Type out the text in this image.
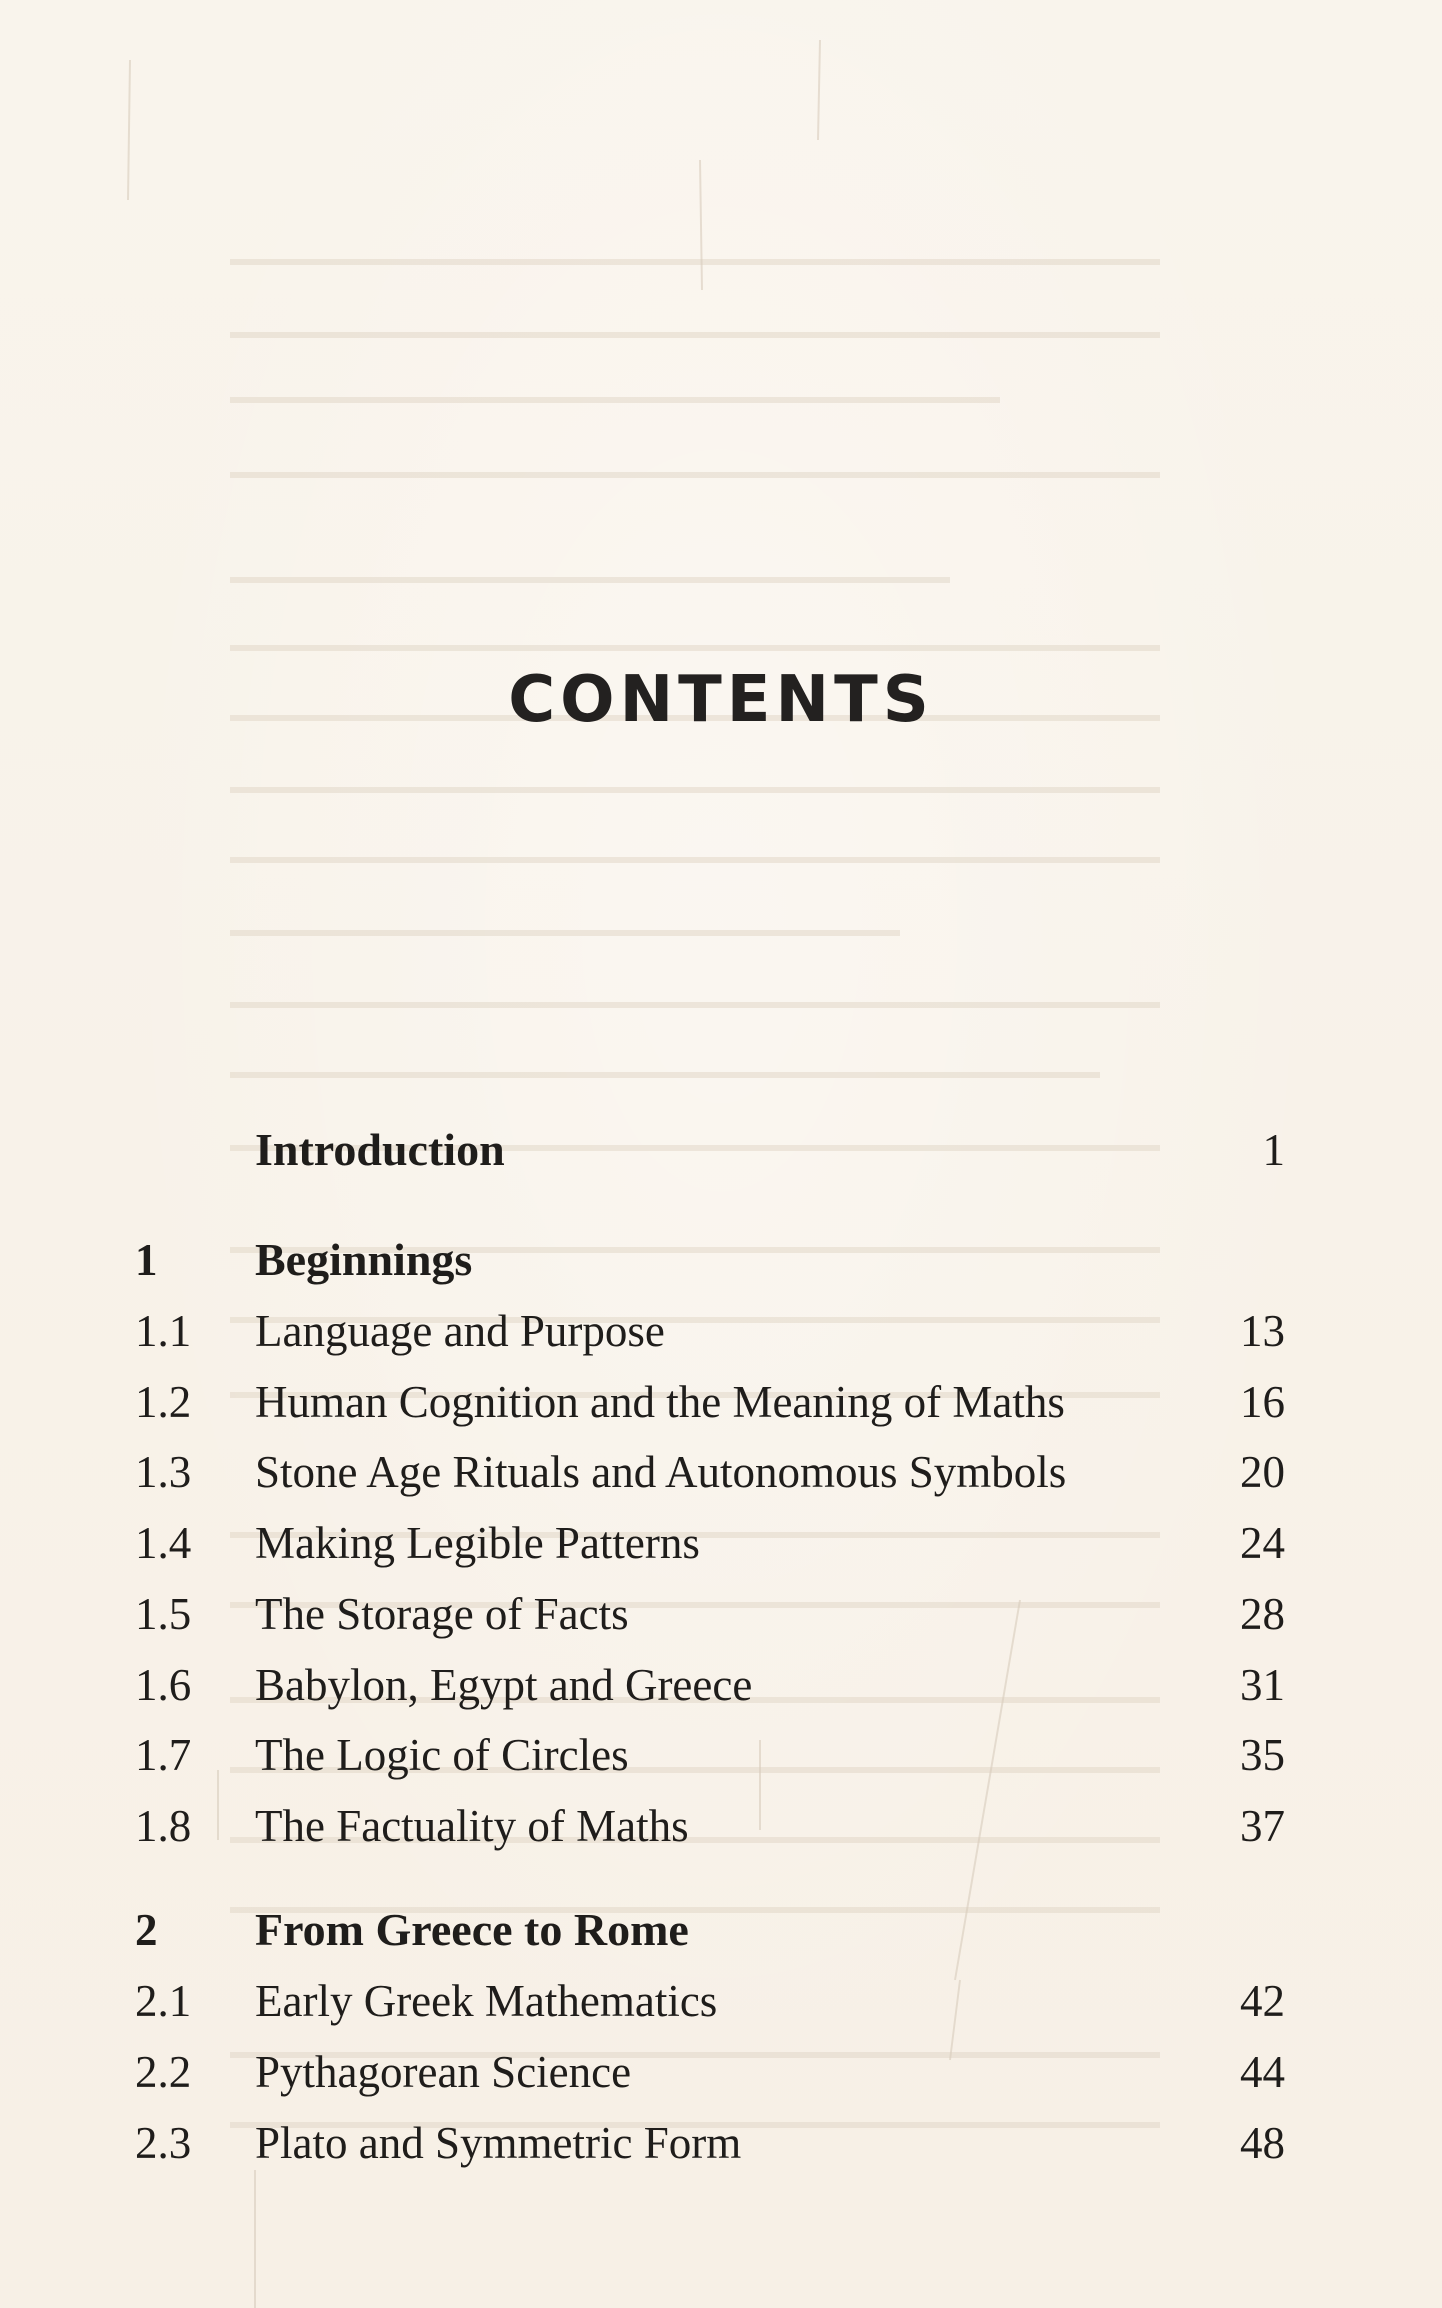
CONTENTS
Introduction	1
1 Beginnings
1.1 Language and Purpose	13
1.2 Human Cognition and the Meaning of Maths	16
1.3 Stone Age Rituals and Autonomous Symbols	20
1.4 Making Legible Patterns	24
1.5 The Storage of Facts	28
1.6 Babylon, Egypt and Greece	31
1.7 The Logic of Circles	35
1.8 The Factuality of Maths	37
2 From Greece to Rome
2.1 Early Greek Mathematics	42
2.2 Pythagorean Science	44
2.3 Plato and Symmetric Form	48
